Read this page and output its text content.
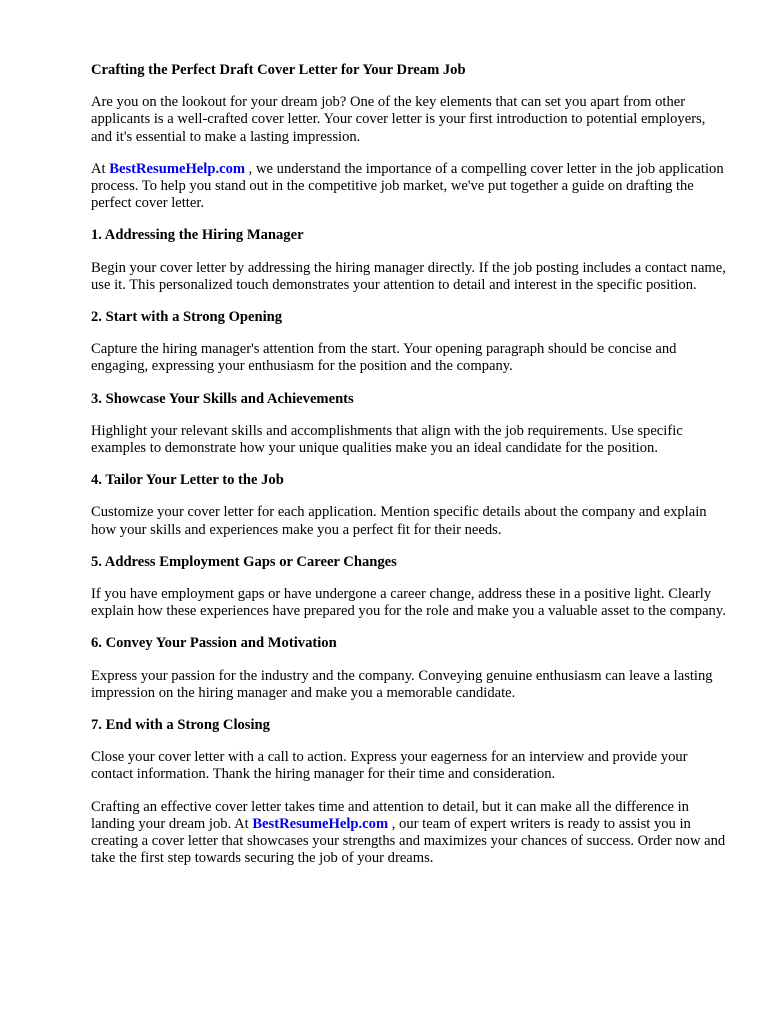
Crafting the Perfect Draft Cover Letter for Your Dream Job

Are you on the lookout for your dream job? One of the key elements that can set you apart from other applicants is a well-crafted cover letter. Your cover letter is your first introduction to potential employers, and it's essential to make a lasting impression.

At BestResumeHelp.com , we understand the importance of a compelling cover letter in the job application process. To help you stand out in the competitive job market, we've put together a guide on drafting the perfect cover letter.

1. Addressing the Hiring Manager

Begin your cover letter by addressing the hiring manager directly. If the job posting includes a contact name, use it. This personalized touch demonstrates your attention to detail and interest in the specific position.

2. Start with a Strong Opening

Capture the hiring manager's attention from the start. Your opening paragraph should be concise and engaging, expressing your enthusiasm for the position and the company.

3. Showcase Your Skills and Achievements

Highlight your relevant skills and accomplishments that align with the job requirements. Use specific examples to demonstrate how your unique qualities make you an ideal candidate for the position.

4. Tailor Your Letter to the Job

Customize your cover letter for each application. Mention specific details about the company and explain how your skills and experiences make you a perfect fit for their needs.

5. Address Employment Gaps or Career Changes

If you have employment gaps or have undergone a career change, address these in a positive light. Clearly explain how these experiences have prepared you for the role and make you a valuable asset to the company.

6. Convey Your Passion and Motivation

Express your passion for the industry and the company. Conveying genuine enthusiasm can leave a lasting impression on the hiring manager and make you a memorable candidate.

7. End with a Strong Closing

Close your cover letter with a call to action. Express your eagerness for an interview and provide your contact information. Thank the hiring manager for their time and consideration.

Crafting an effective cover letter takes time and attention to detail, but it can make all the difference in landing your dream job. At BestResumeHelp.com , our team of expert writers is ready to assist you in creating a cover letter that showcases your strengths and maximizes your chances of success. Order now and take the first step towards securing the job of your dreams.
